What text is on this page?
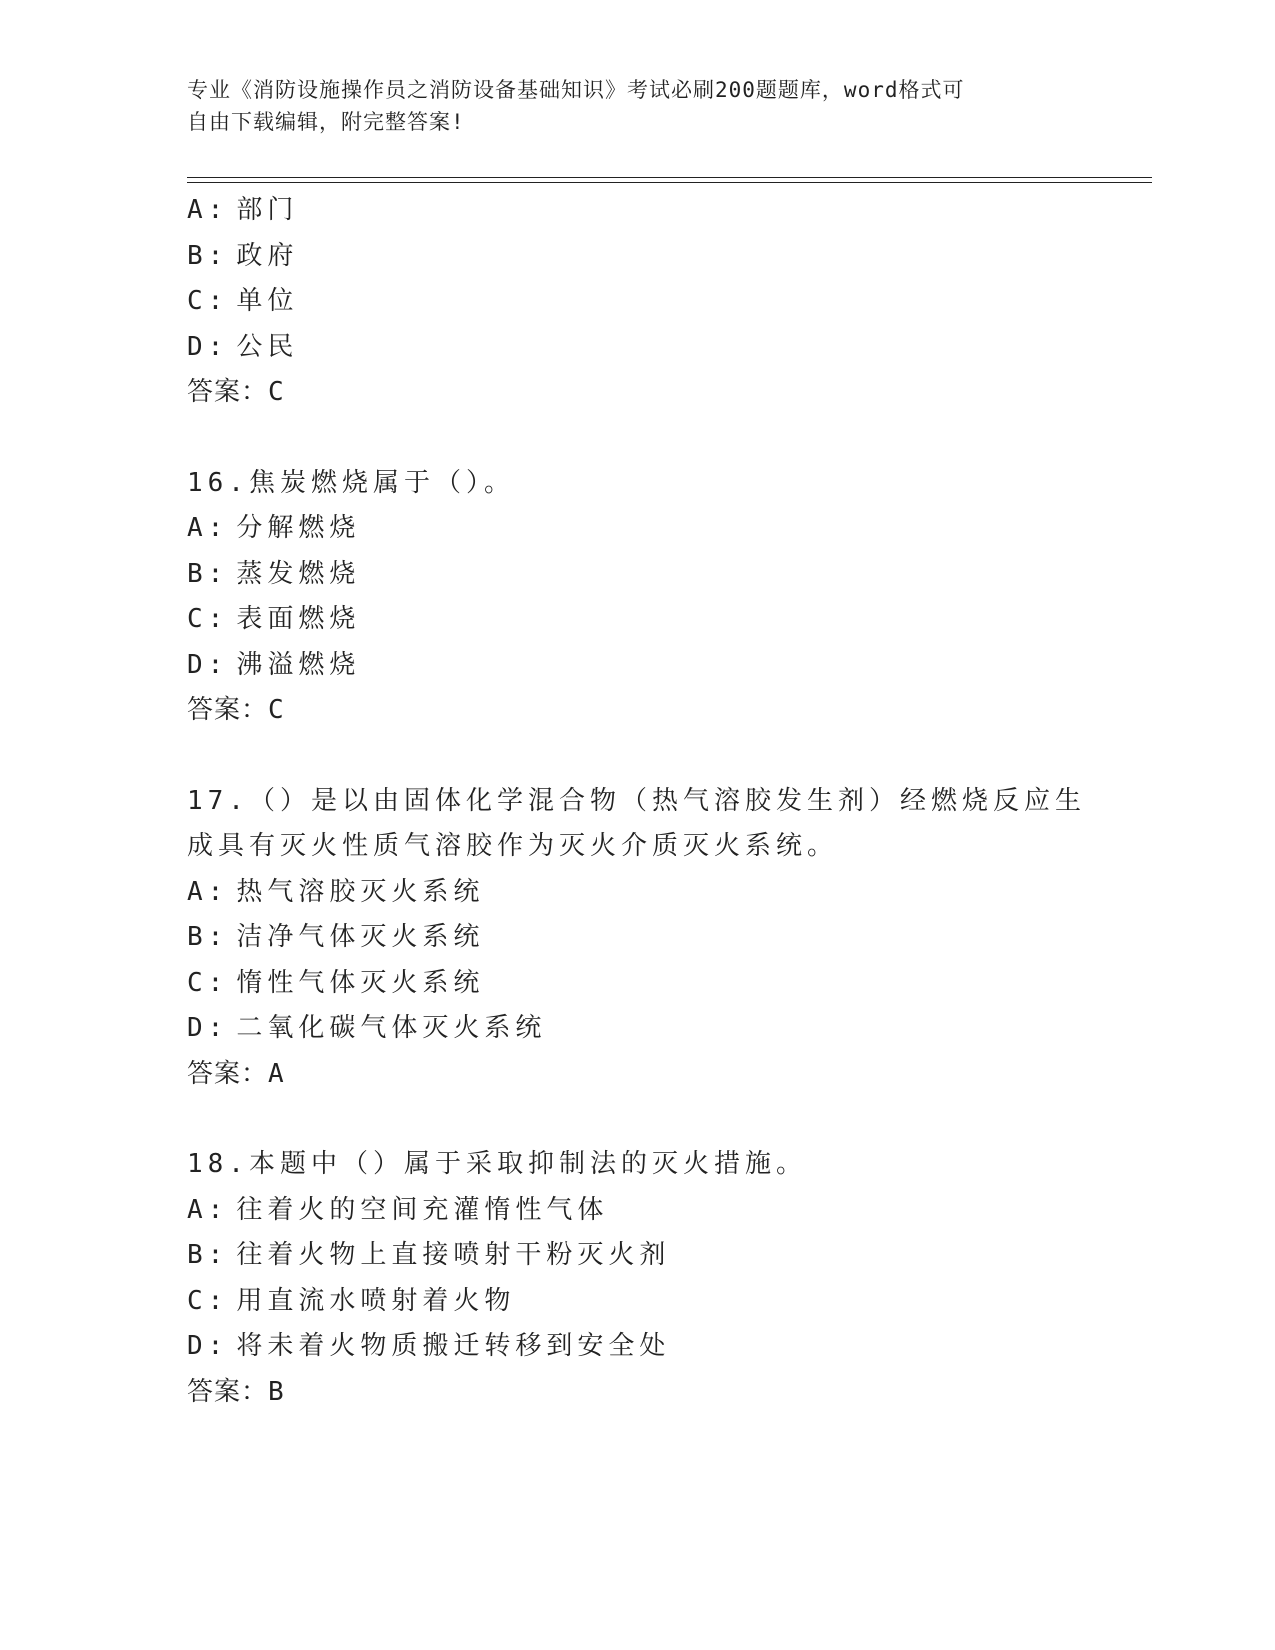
专业《消防设施操作员之消防设备基础知识》考试必刷200题题库，word格式可
自由下载编辑，附完整答案!
A: 部门
B: 政府
C: 单位
D: 公民
答案：C
16.焦炭燃烧属于（）。
A: 分解燃烧
B: 蒸发燃烧
C: 表面燃烧
D: 沸溢燃烧
答案：C
17.（）是以由固体化学混合物（热气溶胶发生剂）经燃烧反应生成具有灭火性质气溶胶作为灭火介质灭火系统。
A: 热气溶胶灭火系统
B: 洁净气体灭火系统
C: 惰性气体灭火系统
D: 二氧化碳气体灭火系统
答案：A
18.本题中（）属于采取抑制法的灭火措施。
A: 往着火的空间充灌惰性气体
B: 往着火物上直接喷射干粉灭火剂
C: 用直流水喷射着火物
D: 将未着火物质搬迁转移到安全处
答案：B
